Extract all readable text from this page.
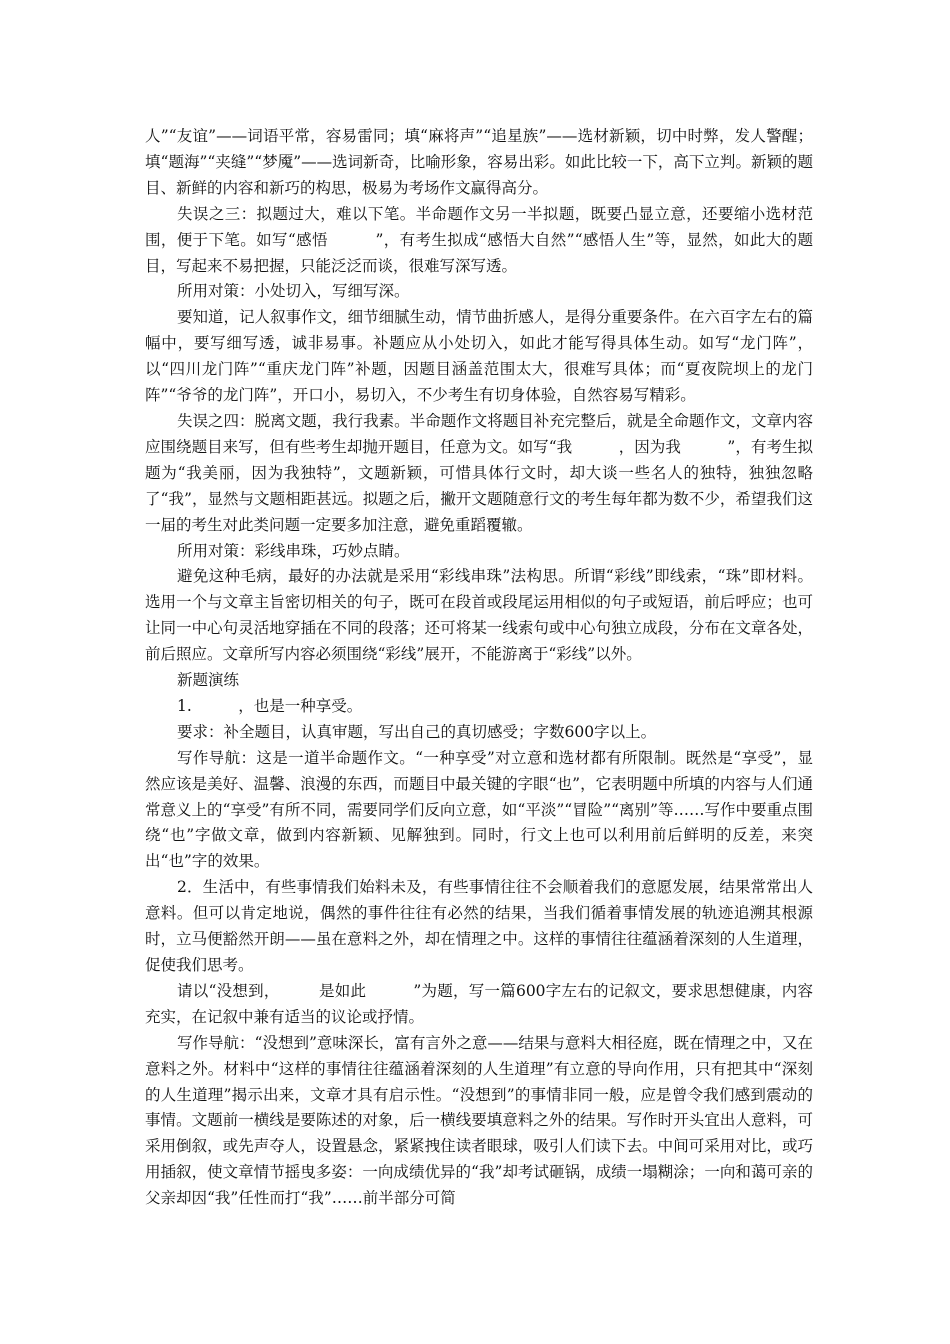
人”“友谊”——词语平常，容易雷同；填“麻将声”“追星族”——选材新颖，切中时弊，发人警醒；填“题海”“夹缝”“梦魇”——选词新奇，比喻形象，容易出彩。如此比较一下，高下立判。新颖的题目、新鲜的内容和新巧的构思，极易为考场作文赢得高分。

失误之三：拟题过大，难以下笔。半命题作文另一半拟题，既要凸显立意，还要缩小选材范围，便于下笔。如写“感悟　　　”，有考生拟成“感悟大自然”“感悟人生”等，显然，如此大的题目，写起来不易把握，只能泛泛而谈，很难写深写透。

所用对策：小处切入，写细写深。

要知道，记人叙事作文，细节细腻生动，情节曲折感人，是得分重要条件。在六百字左右的篇幅中，要写细写透，诚非易事。补题应从小处切入，如此才能写得具体生动。如写“龙门阵”，以“四川龙门阵”“重庆龙门阵”补题，因题目涵盖范围太大，很难写具体；而“夏夜院坝上的龙门阵”“爷爷的龙门阵”，开口小，易切入，不少考生有切身体验，自然容易写精彩。

失误之四：脱离文题，我行我素。半命题作文将题目补充完整后，就是全命题作文，文章内容应围绕题目来写，但有些考生却抛开题目，任意为文。如写“我　　　，因为我　　　”，有考生拟题为“我美丽，因为我独特”，文题新颖，可惜具体行文时，却大谈一些名人的独特，独独忽略了“我”，显然与文题相距甚远。拟题之后，撇开文题随意行文的考生每年都为数不少，希望我们这一届的考生对此类问题一定要多加注意，避免重蹈覆辙。

所用对策：彩线串珠，巧妙点睛。

避免这种毛病，最好的办法就是采用“彩线串珠”法构思。所谓“彩线”即线索，“珠”即材料。选用一个与文章主旨密切相关的句子，既可在段首或段尾运用相似的句子或短语，前后呼应；也可让同一中心句灵活地穿插在不同的段落；还可将某一线索句或中心句独立成段，分布在文章各处，前后照应。文章所写内容必须围绕“彩线”展开，不能游离于“彩线”以外。

新题演练

1.　　　，也是一种享受。

要求：补全题目，认真审题，写出自己的真切感受；字数600字以上。

写作导航：这是一道半命题作文。“一种享受”对立意和选材都有所限制。既然是“享受”，显然应该是美好、温馨、浪漫的东西，而题目中最关键的字眼“也”，它表明题中所填的内容与人们通常意义上的“享受”有所不同，需要同学们反向立意，如“平淡”“冒险”“离别”等……写作中要重点围绕“也”字做文章，做到内容新颖、见解独到。同时，行文上也可以利用前后鲜明的反差，来突出“也”字的效果。

2．生活中，有些事情我们始料未及，有些事情往往不会顺着我们的意愿发展，结果常常出人意料。但可以肯定地说，偶然的事件往往有必然的结果，当我们循着事情发展的轨迹追溯其根源时，立马便豁然开朗——虽在意料之外，却在情理之中。这样的事情往往蕴涵着深刻的人生道理，促使我们思考。

请以“没想到，　　　是如此　　　”为题，写一篇600字左右的记叙文，要求思想健康，内容充实，在记叙中兼有适当的议论或抒情。

写作导航：“没想到”意味深长，富有言外之意——结果与意料大相径庭，既在情理之中，又在意料之外。材料中“这样的事情往往蕴涵着深刻的人生道理”有立意的导向作用，只有把其中“深刻的人生道理”揭示出来，文章才具有启示性。“没想到”的事情非同一般，应是曾令我们感到震动的事情。文题前一横线是要陈述的对象，后一横线要填意料之外的结果。写作时开头宜出人意料，可采用倒叙，或先声夺人，设置悬念，紧紧拽住读者眼球，吸引人们读下去。中间可采用对比，或巧用插叙，使文章情节摇曳多姿：一向成绩优异的“我”却考试砸锅，成绩一塌糊涂；一向和蔼可亲的父亲却因“我”任性而打“我”……前半部分可简
